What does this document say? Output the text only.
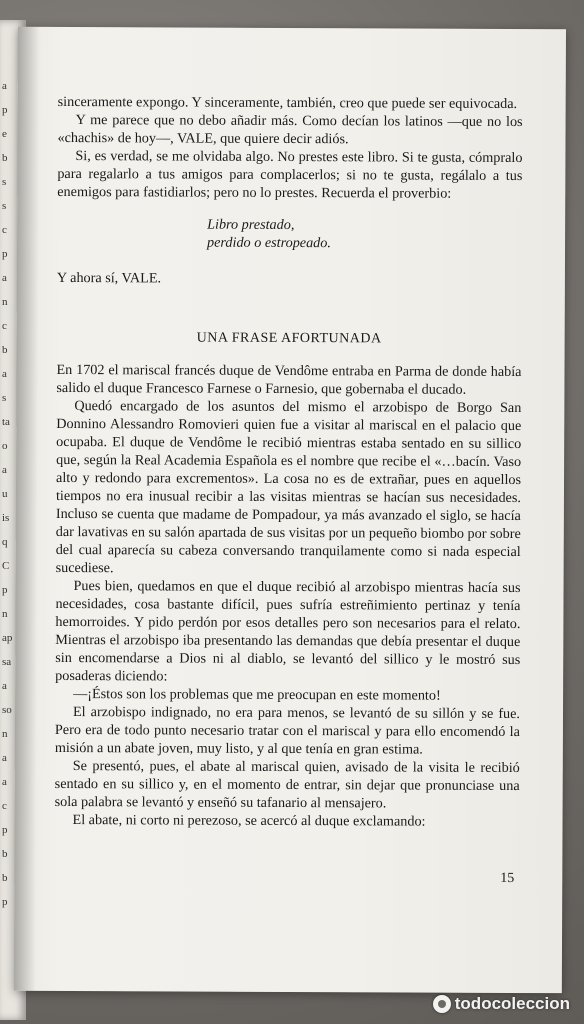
a
p
e
b
s
s
c
p
a
n
c
b
a
s
ta
o
a
u
is
q
C
p
n
ap
sa
a
so
n
a
a
c
p
b
b
p

sinceramente expongo. Y sinceramente, también, creo que puede ser equivocada.

Y me parece que no debo añadir más. Como decían los latinos —que no los «chachis» de hoy—, VALE, que quiere decir adiós.

Si, es verdad, se me olvidaba algo. No prestes este libro. Si te gusta, cómpralo para regalarlo a tus amigos para complacerlos; si no te gusta, regálalo a tus enemigos para fastidiarlos; pero no lo prestes. Recuerda el proverbio:

Libro prestado,

perdido o estropeado.

Y ahora sí, VALE.

UNA FRASE AFORTUNADA

En 1702 el mariscal francés duque de Vendôme entraba en Parma de donde había salido el duque Francesco Farnese o Farnesio, que gobernaba el ducado.

Quedó encargado de los asuntos del mismo el arzobispo de Borgo San Donnino Alessandro Romovieri quien fue a visitar al mariscal en el palacio que ocupaba. El duque de Vendôme le recibió mientras estaba sentado en su sillico que, según la Real Academia Española es el nombre que recibe el «…bacín. Vaso alto y redondo para excrementos». La cosa no es de extrañar, pues en aquellos tiempos no era inusual recibir a las visitas mientras se hacían sus necesidades. Incluso se cuenta que madame de Pompadour, ya más avanzado el siglo, se hacía dar lavativas en su salón apartada de sus visitas por un pequeño biombo por sobre del cual aparecía su cabeza conversando tranquilamente como si nada especial sucediese.

Pues bien, quedamos en que el duque recibió al arzobispo mientras hacía sus necesidades, cosa bastante difícil, pues sufría estreñimiento pertinaz y tenía hemorroides. Y pido perdón por esos detalles pero son necesarios para el relato. Mientras el arzobispo iba presentando las demandas que debía presentar el duque sin encomendarse a Dios ni al diablo, se levantó del sillico y le mostró sus posaderas diciendo:

—¡Éstos son los problemas que me preocupan en este momento!

El arzobispo indignado, no era para menos, se levantó de su sillón y se fue. Pero era de todo punto necesario tratar con el mariscal y para ello encomendó la misión a un abate joven, muy listo, y al que tenía en gran estima.

Se presentó, pues, el abate al mariscal quien, avisado de la visita le recibió sentado en su sillico y, en el momento de entrar, sin dejar que pronunciase una sola palabra se levantó y enseñó su tafanario al mensajero.

El abate, ni corto ni perezoso, se acercó al duque exclamando:

15
todocoleccion
